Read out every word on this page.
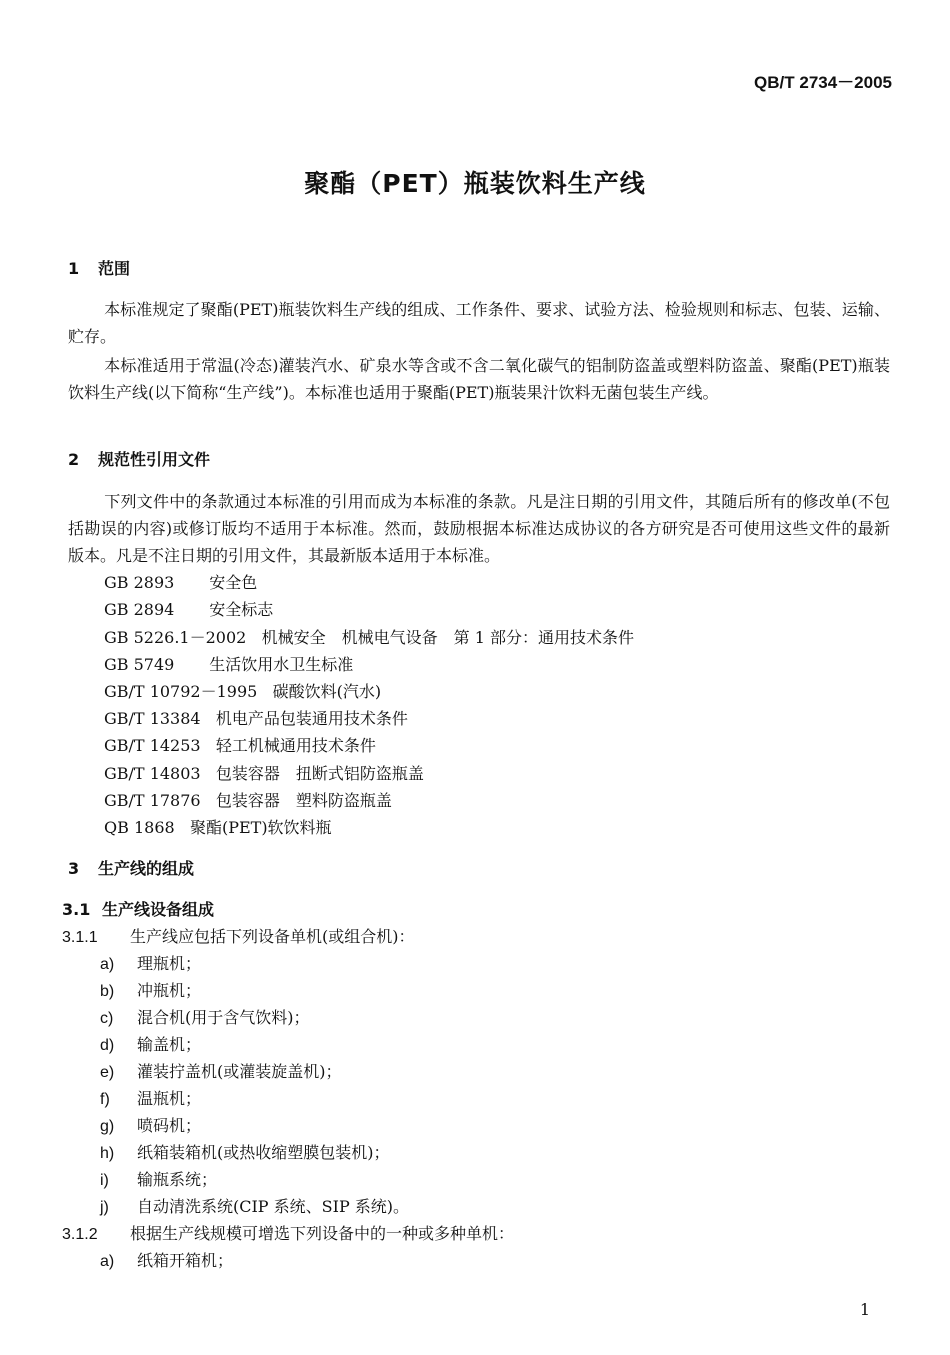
QB/T 2734－2005
聚酯（PET）瓶装饮料生产线
1 范围
本标准规定了聚酯(PET)瓶装饮料生产线的组成、工作条件、要求、试验方法、检验规则和标志、包装、运输、贮存。
本标准适用于常温(冷态)灌装汽水、矿泉水等含或不含二氧化碳气的铝制防盗盖或塑料防盗盖、聚酯(PET)瓶装饮料生产线(以下简称“生产线”)。本标准也适用于聚酯(PET)瓶装果汁饮料无菌包装生产线。
2 规范性引用文件
下列文件中的条款通过本标准的引用而成为本标准的条款。凡是注日期的引用文件，其随后所有的修改单(不包括勘误的内容)或修订版均不适用于本标准。然而，鼓励根据本标准达成协议的各方研究是否可使用这些文件的最新版本。凡是不注日期的引用文件，其最新版本适用于本标准。
GB 2893 安全色
GB 2894 安全标志
GB 5226.1－2002 机械安全　机械电气设备　第 1 部分：通用技术条件
GB 5749 生活饮用水卫生标准
GB/T 10792－1995 碳酸饮料(汽水)
GB/T 13384 机电产品包装通用技术条件
GB/T 14253 轻工机械通用技术条件
GB/T 14803 包装容器　扭断式铝防盗瓶盖
GB/T 17876 包装容器　塑料防盗瓶盖
QB 1868 聚酯(PET)软饮料瓶
3 生产线的组成
3.1 生产线设备组成
3.1.1 生产线应包括下列设备单机(或组合机)：
a) 理瓶机；
b) 冲瓶机；
c) 混合机(用于含气饮料)；
d) 输盖机；
e) 灌装拧盖机(或灌装旋盖机)；
f) 温瓶机；
g) 喷码机；
h) 纸箱装箱机(或热收缩塑膜包装机)；
i) 输瓶系统；
j) 自动清洗系统(CIP 系统、SIP 系统)。
3.1.2 根据生产线规模可增选下列设备中的一种或多种单机：
a) 纸箱开箱机；
1
